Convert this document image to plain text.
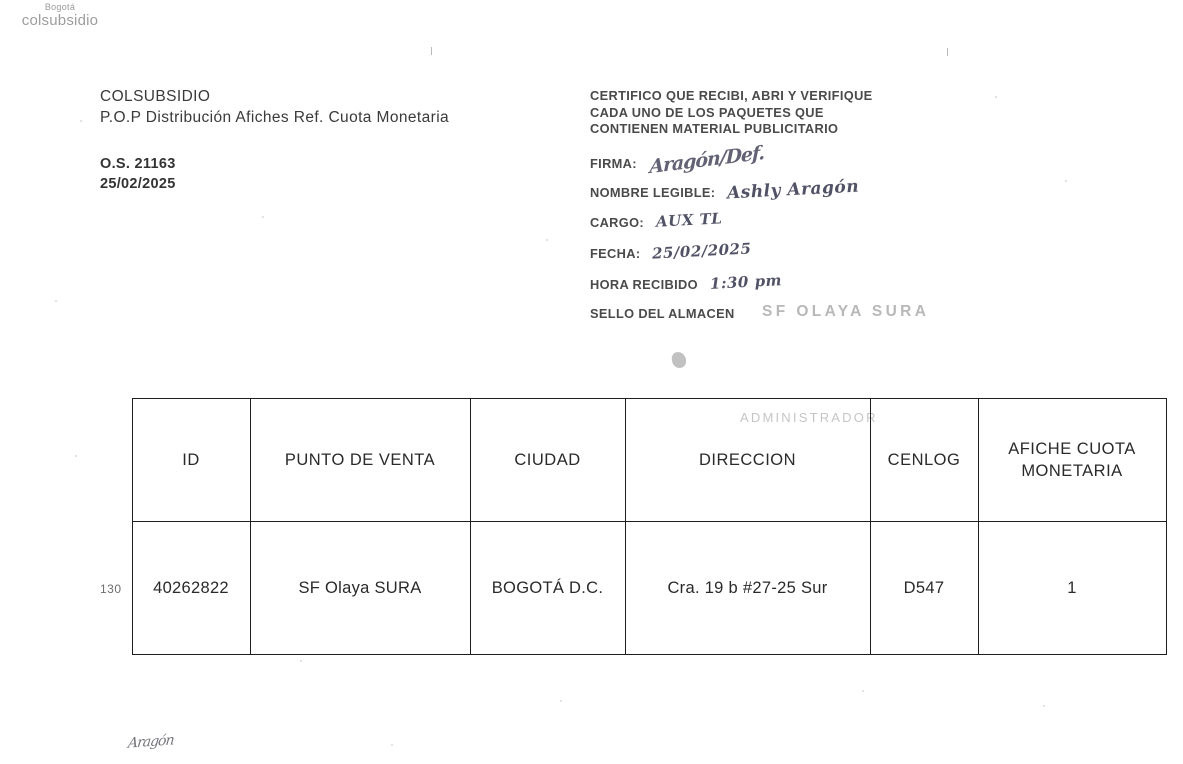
COLSUBSIDIO
P.O.P Distribución Afiches Ref. Cuota Monetaria
O.S. 21163
25/02/2025
CERTIFICO QUE RECIBI, ABRI Y VERIFIQUE
CADA UNO DE LOS PAQUETES QUE
CONTIENEN MATERIAL PUBLICITARIO
FIRMA: Aragón/Def.
NOMBRE LEGIBLE: Ashly Aragón
CARGO: AUX TL
FECHA: 25/02/2025
HORA RECIBIDO 1:30 pm
SELLO DEL ALMACEN	SF OLAYA SURA
ADMINISTRADOR
Bogotá
colsubsidio
	ID	PUNTO DE VENTA	CIUDAD	DIRECCION	CENLOG	AFICHE CUOTA MONETARIA
130	40262822	SF Olaya SURA	BOGOTÁ D.C.	Cra. 19 b #27-25 Sur	D547	1
Aragón
